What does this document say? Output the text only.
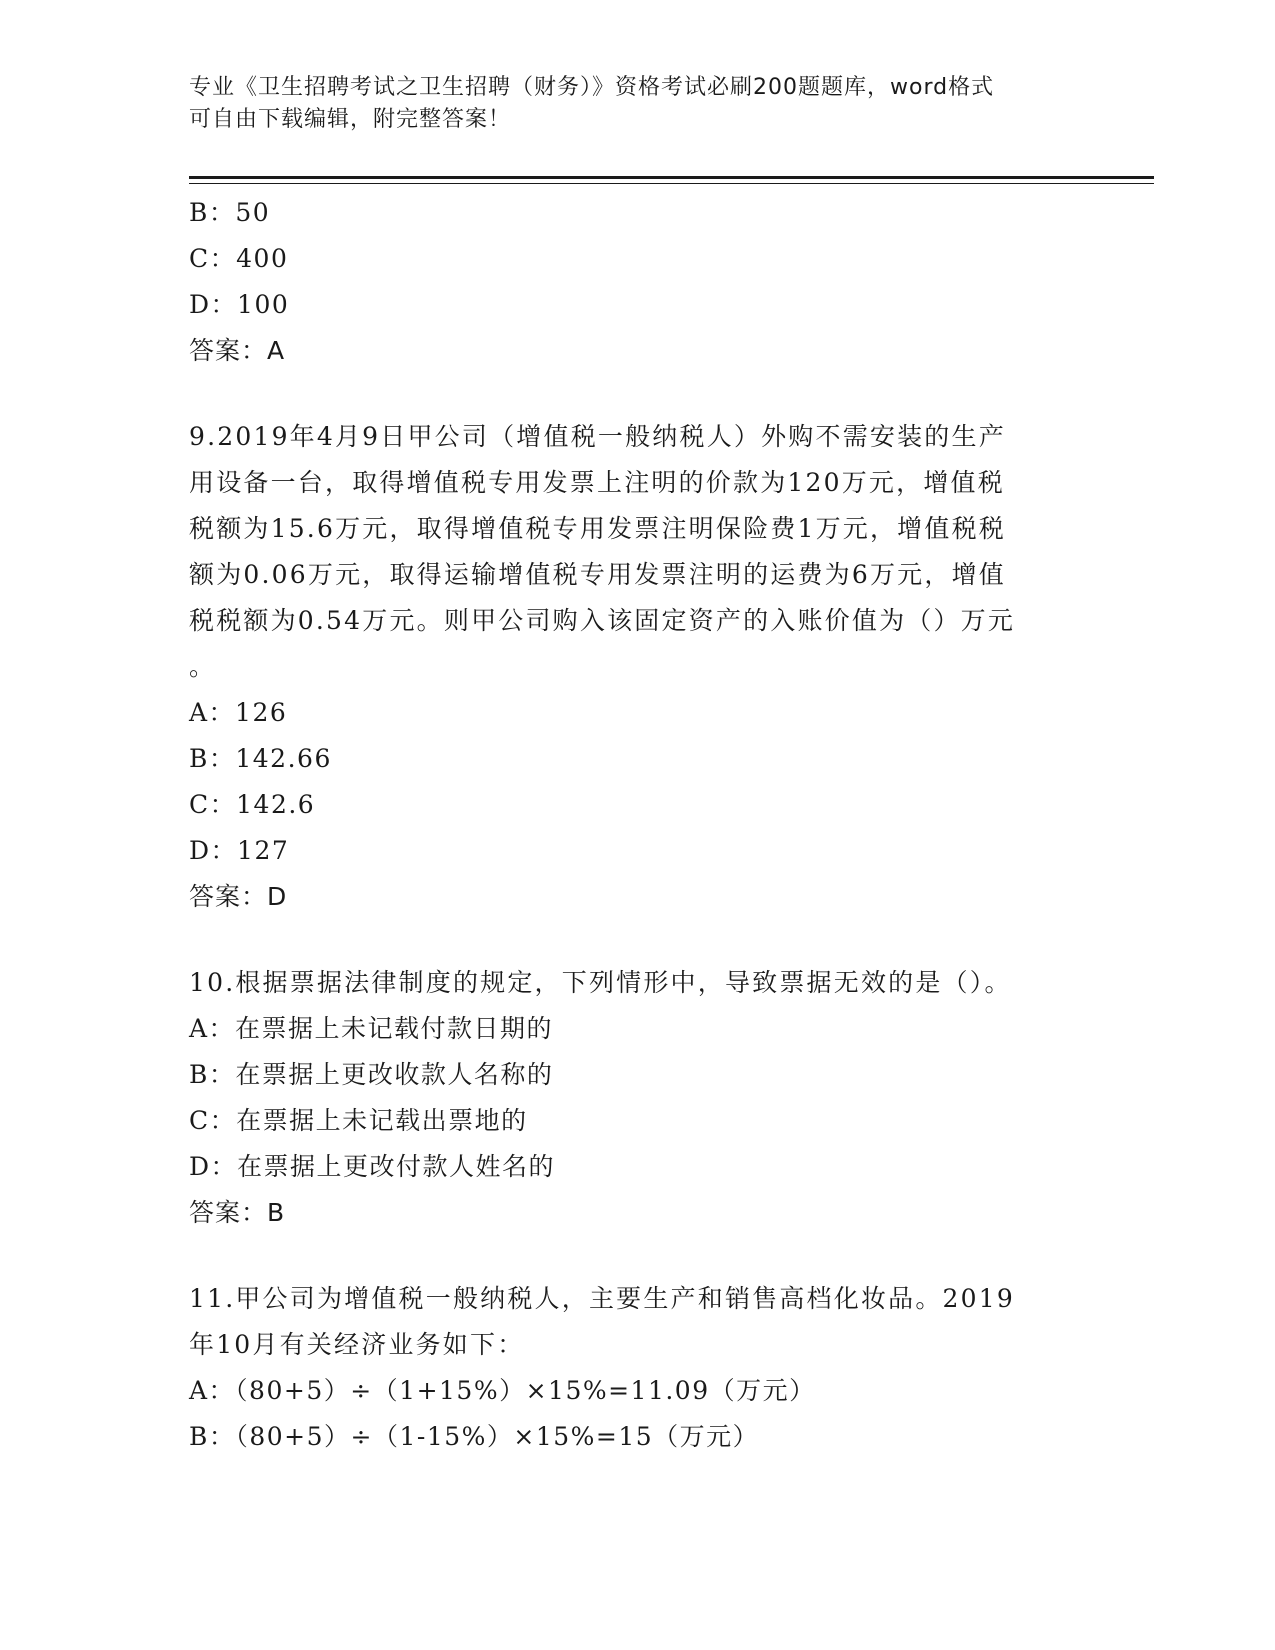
专业《卫生招聘考试之卫生招聘（财务）》资格考试必刷200题题库，word格式
可自由下载编辑，附完整答案！
B：50
C：400
D：100
答案：A
9.2019年4月9日甲公司（增值税一般纳税人）外购不需安装的生产
用设备一台，取得增值税专用发票上注明的价款为120万元，增值税
税额为15.6万元，取得增值税专用发票注明保险费1万元，增值税税
额为0.06万元，取得运输增值税专用发票注明的运费为6万元，增值
税税额为0.54万元。则甲公司购入该固定资产的入账价值为（）万元
。
A：126
B：142.66
C：142.6
D：127
答案：D
10.根据票据法律制度的规定，下列情形中，导致票据无效的是（）。
A：在票据上未记载付款日期的
B：在票据上更改收款人名称的
C：在票据上未记载出票地的
D：在票据上更改付款人姓名的
答案：B
11.甲公司为增值税一般纳税人，主要生产和销售高档化妆品。2019
年10月有关经济业务如下：
A：（80+5）÷（1+15%）×15%=11.09（万元）
B：（80+5）÷（1-15%）×15%=15（万元）
